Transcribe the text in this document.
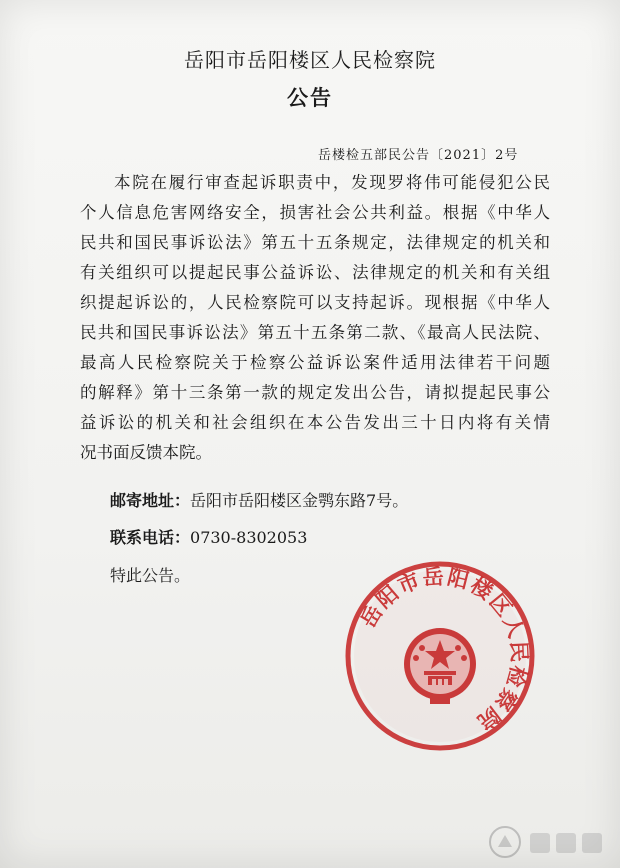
岳阳市岳阳楼区人民检察院
公告
岳楼检五部民公告〔2021〕2号
本院在履行审查起诉职责中，发现罗将伟可能侵犯公民
个人信息危害网络安全，损害社会公共利益。根据《中华人
民共和国民事诉讼法》第五十五条规定，法律规定的机关和
有关组织可以提起民事公益诉讼、法律规定的机关和有关组
织提起诉讼的，人民检察院可以支持起诉。现根据《中华人
民共和国民事诉讼法》第五十五条第二款、《最高人民法院、
最高人民检察院关于检察公益诉讼案件适用法律若干问题
的解释》第十三条第一款的规定发出公告，请拟提起民事公
益诉讼的机关和社会组织在本公告发出三十日内将有关情
况书面反馈本院。
邮寄地址：岳阳市岳阳楼区金鹗东路7号。
联系电话：0730-8302053
特此公告。
岳阳市岳阳楼区人民检察院
